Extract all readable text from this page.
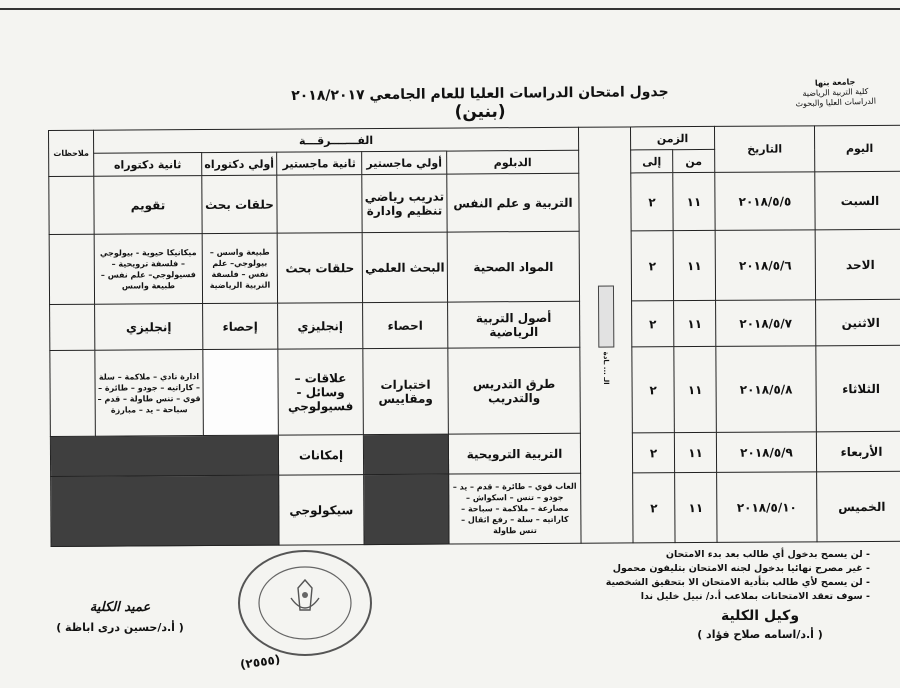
جامعة بنها
كلية التربية الرياضية
الدراسات العليا والبحوث
جدول امتحان الدراسات العليا للعام الجامعي ٢٠١٨/٢٠١٧ (بنين)
اليوم	التاريخ	الزمن		الـ ... ـادة	الفـــــــرقـــة					ملاحظات
		من	إلى		الدبلوم	أولي ماجستير	ثانية ماجستير	أولي دكتوراه	ثانية دكتوراه	
السبت	٢٠١٨/٥/٥	١١	٢		التربية و علم النفس	تدريب رياضي تنظيم وادارة		حلقات بحث	تقويم	
الاحد	٢٠١٨/٥/٦	١١	٢		المواد الصحية	البحث العلمي	حلقات بحث	طبيعة واسس – بيولوجي– علم نفس – فلسفة التربية الرياضية	ميكانيكا حيوية - بيولوجي – فلسفة ترويحية – فسيولوجي– علم نفس – طبيعة واسس	
الاثنين	٢٠١٨/٥/٧	١١	٢		أصول التربية الرياضية	احصاء	إنجليزي	إحصاء	إنجليزي	
الثلاثاء	٢٠١٨/٥/٨	١١	٢		طرق التدريس والتدريب	اختبارات ومقاييس	علاقات – وسائل - فسيولوجي		ادارة نادي – ملاكمة – سلة – كاراتيه – جودو – طائرة – قوي – تنس طاولة – قدم – سباحة – يد – مبارزة	
الأربعاء	٢٠١٨/٥/٩	١١	٢		التربية الترويحية		إمكانات			
الخميس	٢٠١٨/٥/١٠	١١	٢		العاب قوي – طائرة – قدم – يد – جودو – تنس – اسكواش – مصارعة – ملاكمة – سباحة – كاراتيه – سلة – رفع اثقال – تنس طاولة		سيكولوجي			
- لن يسمح بدخول أي طالب بعد بدء الامتحان
- غير مصرح نهائيا بدخول لجنه الامتحان بتليفون محمول
- لن يسمح لأي طالب بتأدية الامتحان الا بتحقيق الشخصية
- سوف تعقد الامتحانات بملاعب أ.د/ نبيل خليل ندا
وكيل الكلية
( أ.د/اسامه صلاح فؤاد )
عميد الكلية
( أ.د/حسين درى اباظة )
(٢٥٥٥)
